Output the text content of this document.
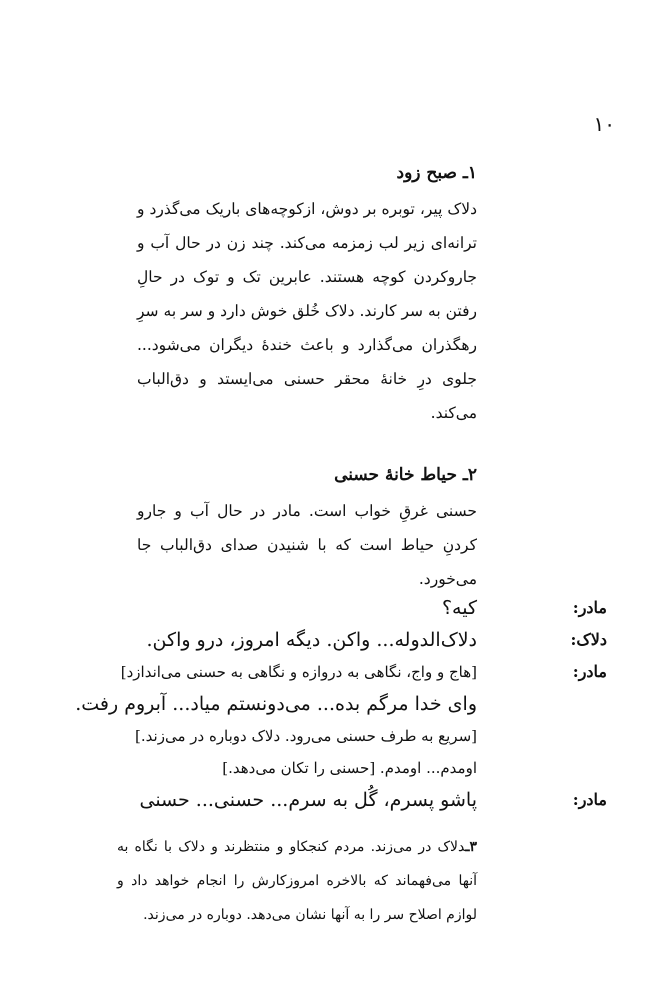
۱۰
۱ـ صبح زود

دلاک پیر، توبره بر دوش، ازکوچه‌های باریک می‌گذرد و ترانه‌ای زیر لب زمزمه می‌کند. چند زن در حال آب و جاروکردن کوچه هستند. عابرین تک و توک در حالِ رفتن به سر کارند. دلاک خُلق خوش دارد و سر به سرِ رهگذران می‌گذارد و باعث خندهٔ دیگران می‌شود... جلوی درِ خانهٔ محقر حسنی می‌ایستد و دق‌الباب می‌کند.

۲ـ حیاط خانهٔ حسنی

حسنی غرقِ خواب است. مادر در حال آب و جارو کردنِ حیاط است که با شنیدن صدای دق‌الباب جا می‌خورد.

مادر:
کیه؟
دلاک:
دلاک‌الدوله... واکن. دیگه امروز، درو واکن.
مادر:
[هاج و واج، نگاهی به دروازه و نگاهی به حسنی می‌اندازد]
وای خدا مرگم بده... می‌دونستم میاد... آبروم رفت.
[سریع به طرف حسنی می‌رود. دلاک دوباره در می‌زند.]
اومدم... اومدم. [حسنی را تکان می‌دهد.]
مادر:
پاشو پسرم، گُل به سرم... حسنی... حسنی

۳ـدلاک در می‌زند. مردم کنجکاو و منتظرند و دلاک با نگاه به آنها می‌فهماند که بالاخره امروزکارش را انجام خواهد داد و لوازم اصلاح سر را به آنها نشان می‌دهد. دوباره در می‌زند.
